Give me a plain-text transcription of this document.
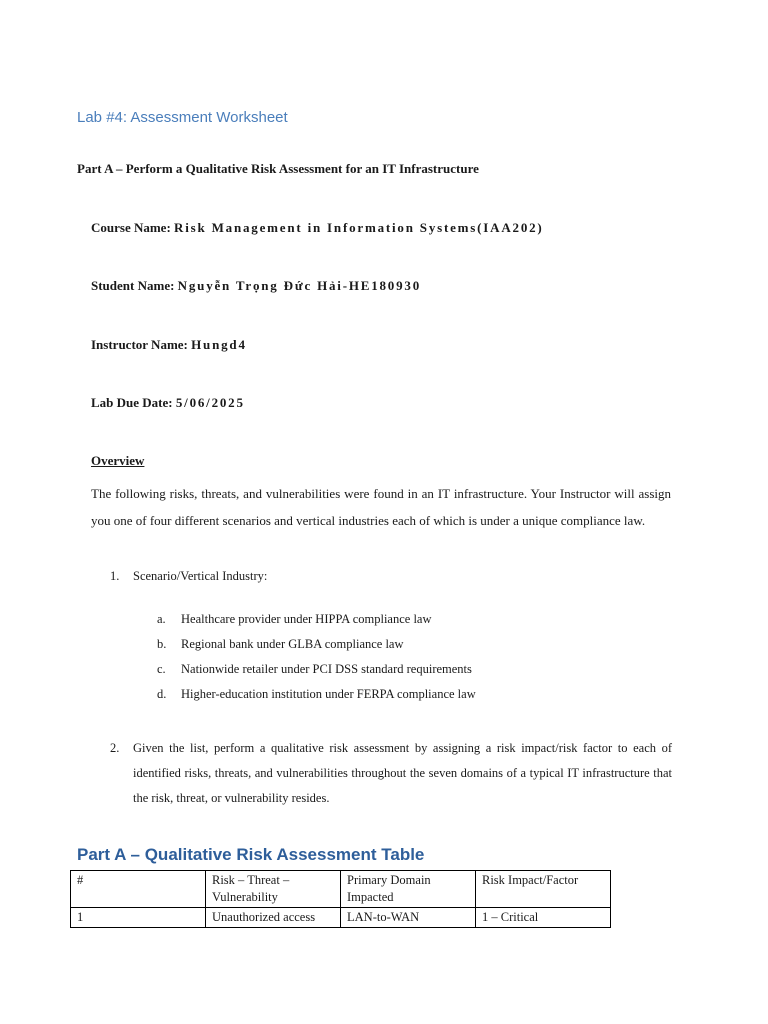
Lab #4: Assessment Worksheet
Part A – Perform a Qualitative Risk Assessment for an IT Infrastructure
Course Name: Risk Management in Information Systems(IAA202)
Student Name: Nguyễn Trọng Đức Hải-HE180930
Instructor Name: Hungd4
Lab Due Date: 5/06/2025
Overview
The following risks, threats, and vulnerabilities were found in an IT infrastructure. Your Instructor will assign you one of four different scenarios and vertical industries each of which is under a unique compliance law.
1. Scenario/Vertical Industry:
a. Healthcare provider under HIPPA compliance law
b. Regional bank under GLBA compliance law
c. Nationwide retailer under PCI DSS standard requirements
d. Higher-education institution under FERPA compliance law
2. Given the list, perform a qualitative risk assessment by assigning a risk impact/risk factor to each of identified risks, threats, and vulnerabilities throughout the seven domains of a typical IT infrastructure that the risk, threat, or vulnerability resides.
Part A – Qualitative Risk Assessment Table
#	Risk – Threat – Vulnerability	Primary Domain Impacted	Risk Impact/Factor
1	Unauthorized access	LAN-to-WAN	1 – Critical
